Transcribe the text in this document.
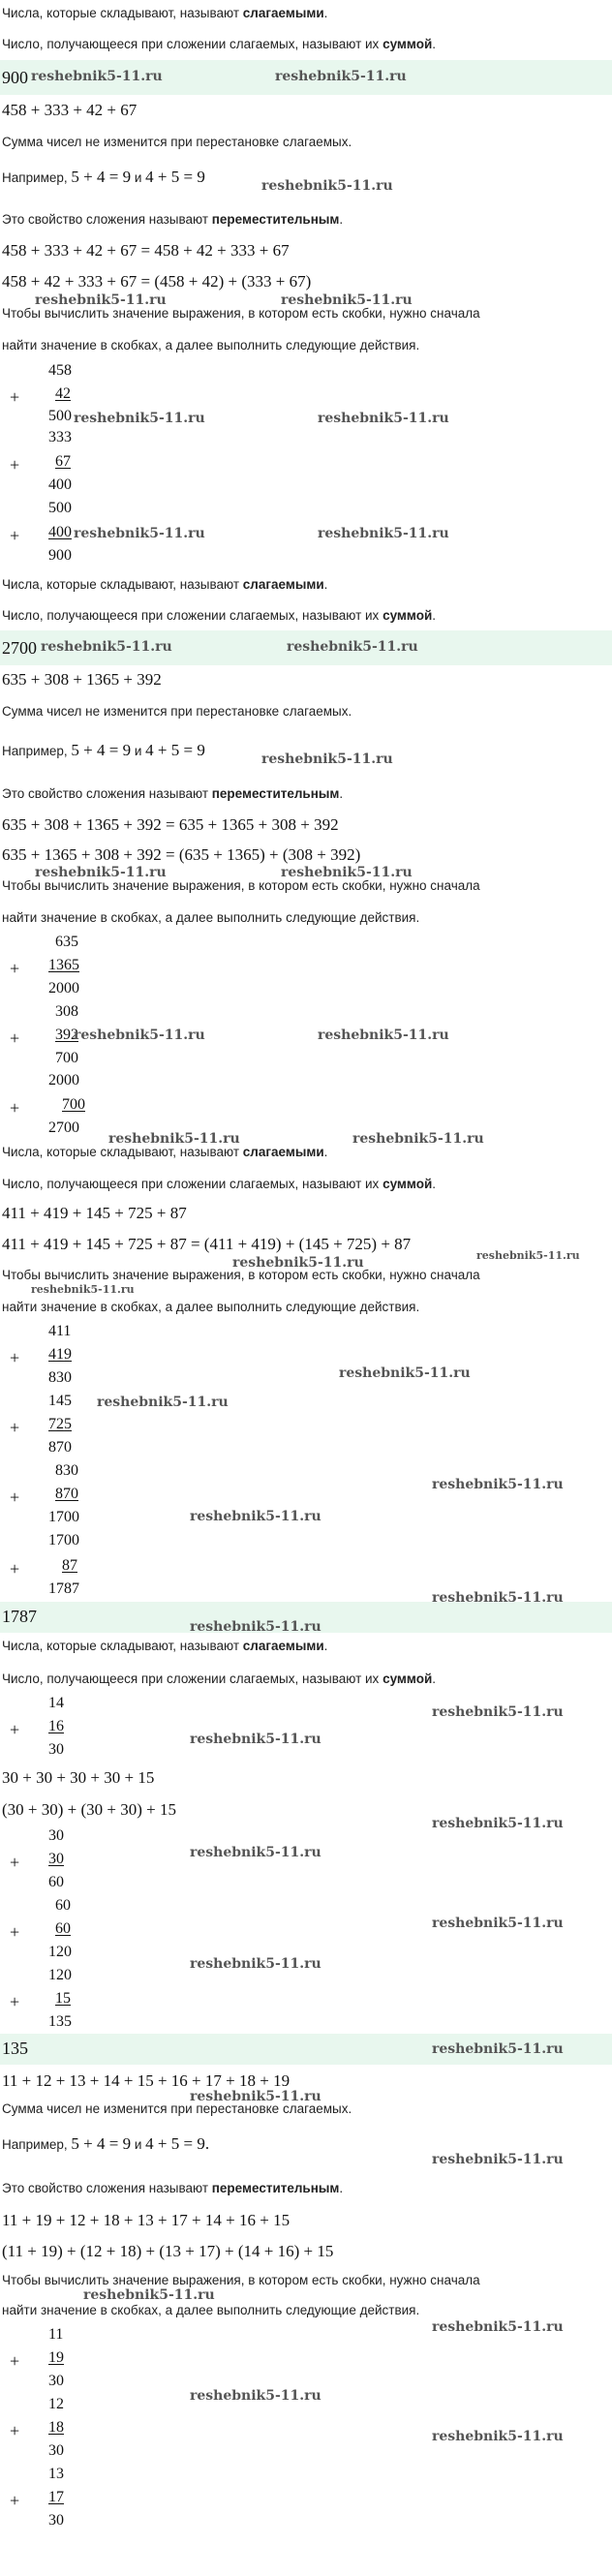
Числа, которые складывают, называют слагаемыми.
Число, получающееся при сложении слагаемых, называют их суммой.
900 reshebnik5-11.ru	reshebnik5-11.ru
458 + 333 + 42 + 67
Сумма чисел не изменится при перестановке слагаемых.
Например, 5 + 4 = 9 и 4 + 5 = 9	reshebnik5-11.ru
Это свойство сложения называют переместительным.
458 + 333 + 42 + 67 = 458 + 42 + 333 + 67
458 + 42 + 333 + 67 = (458 + 42) + (333 + 67)
reshebnik5-11.ru	reshebnik5-11.ru
Чтобы вычислить значение выражения, в котором есть скобки, нужно сначала
найти значение в скобках, а далее выполнить следующие действия.
458
+ 42
500 reshebnik5-11.ru	reshebnik5-11.ru
333
+ 67
400
500
+ 400 reshebnik5-11.ru	reshebnik5-11.ru
900
Числа, которые складывают, называют слагаемыми.
Число, получающееся при сложении слагаемых, называют их суммой.
2700 reshebnik5-11.ru	reshebnik5-11.ru
635 + 308 + 1365 + 392
Сумма чисел не изменится при перестановке слагаемых.
Например, 5 + 4 = 9 и 4 + 5 = 9	reshebnik5-11.ru
Это свойство сложения называют переместительным.
635 + 308 + 1365 + 392 = 635 + 1365 + 308 + 392
635 + 1365 + 308 + 392 = (635 + 1365) + (308 + 392)
reshebnik5-11.ru	reshebnik5-11.ru
Чтобы вычислить значение выражения, в котором есть скобки, нужно сначала
найти значение в скобках, а далее выполнить следующие действия.
635
+ 1365
2000
308
+ 392
reshebnik5-11.ru	reshebnik5-11.ru
700
2000
+	700
2700
reshebnik5-11.ru	reshebnik5-11.ru
Числа, которые складывают, называют слагаемыми.
Число, получающееся при сложении слагаемых, называют их суммой.
411 + 419 + 145 + 725 + 87
411 + 419 + 145 + 725 + 87 = (411 + 419) + (145 + 725) + 87
reshebnik5-11.ru
reshebnik5-11.ru
Чтобы вычислить значение выражения, в котором есть скобки, нужно сначала
reshebnik5-11.ru
найти значение в скобках, а далее выполнить следующие действия.
411
+ 419
reshebnik5-11.ru
830
145 reshebnik5-11.ru
+ 725
870
830
reshebnik5-11.ru
+ 870
1700	reshebnik5-11.ru
1700
+	87
1787
reshebnik5-11.ru
1787
reshebnik5-11.ru
Числа, которые складывают, называют слагаемыми.
Число, получающееся при сложении слагаемых, называют их суммой.
14
reshebnik5-11.ru
+ 16
reshebnik5-11.ru
30
30 + 30 + 30 + 30 + 15
(30 + 30) + (30 + 30) + 15
reshebnik5-11.ru
30
reshebnik5-11.ru
+ 30
60
60
reshebnik5-11.ru
+ 60
120
reshebnik5-11.ru
120
+ 15
135
135	reshebnik5-11.ru
11 + 12 + 13 + 14 + 15 + 16 + 17 + 18 + 19
reshebnik5-11.ru
Сумма чисел не изменится при перестановке слагаемых.
Например, 5 + 4 = 9 и 4 + 5 = 9.
reshebnik5-11.ru
Это свойство сложения называют переместительным.
11 + 19 + 12 + 18 + 13 + 17 + 14 + 16 + 15
(11 + 19) + (12 + 18) + (13 + 17) + (14 + 16) + 15
Чтобы вычислить значение выражения, в котором есть скобки, нужно сначала
reshebnik5-11.ru
найти значение в скобках, а далее выполнить следующие действия.
reshebnik5-11.ru
11
+ 19
30
reshebnik5-11.ru
12
+ 18
reshebnik5-11.ru
30
13
+ 17
30
